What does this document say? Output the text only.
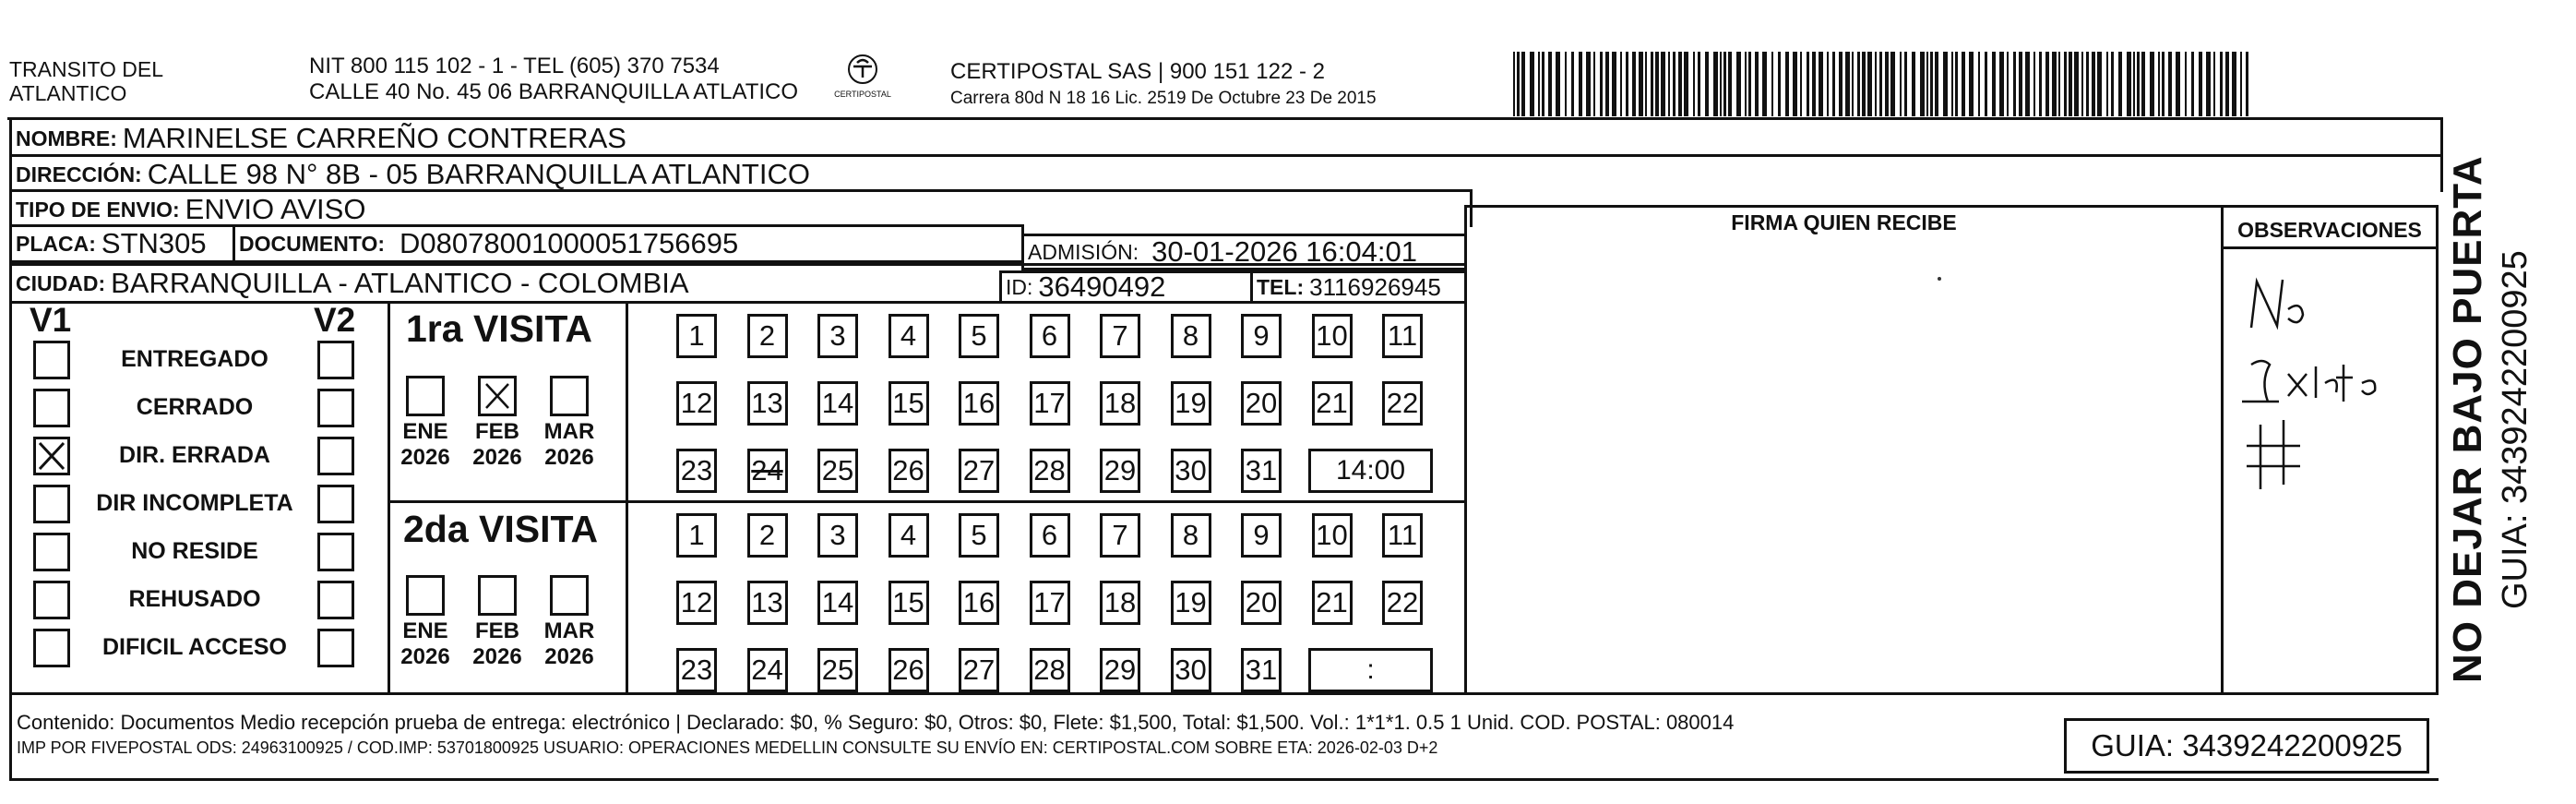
TRANSITO DEL
ATLANTICO
NIT 800 115 102 - 1 - TEL (605) 370 7534
CALLE 40 No. 45 06 BARRANQUILLA ATLATICO	CERTIPOSTAL
CERTIPOSTAL SAS | 900 151 122 - 2
Carrera 80d N 18 16 Lic. 2519 De Octubre 23 De 2015
NOMBRE: MARINELSE CARREÑO CONTRERAS
DIRECCIÓN: CALLE 98 N° 8B - 05 BARRANQUILLA ATLANTICO
TIPO DE ENVIO: ENVIO AVISO
PLACA: STN305 DOCUMENTO: D08078001000051756695	ADMISIÓN: 30-01-2026 16:04:01
CIUDAD: BARRANQUILLA - ATLANTICO - COLOMBIA	ID: 36490492	TEL: 3116926945
FIRMA QUIEN RECIBE	OBSERVACIONES
V1	V2
ENTREGADO
CERRADO
DIR. ERRADA
DIR INCOMPLETA
NO RESIDE
REHUSADO
DIFICIL ACCESO
1ra VISITA
ENE
2026
FEB
2026
MAR
2026
1	2	3	4	5	6	7	8	9	10 11
12 13 14 15 16 17 18 19 20 21 22
23 24 25 26 27 28 29 30 31	14:00
2da VISITA
ENE
2026
FEB
2026
MAR
2026
1	2	3	4	5	6	7	8	9	10 11
12 13 14 15 16 17 18 19 20 21 22
23 24 25 26 27 28 29 30 31	:
Contenido: Documentos Medio recepción prueba de entrega: electrónico | Declarado: $0, % Seguro: $0, Otros: $0, Flete: $1,500, Total: $1,500. Vol.: 1*1*1. 0.5 1 Unid. COD. POSTAL: 080014
IMP POR FIVEPOSTAL ODS: 24963100925 / COD.IMP: 53701800925 USUARIO: OPERACIONES MEDELLIN CONSULTE SU ENVÍO EN: CERTIPOSTAL.COM SOBRE ETA: 2026-02-03 D+2	GUIA: 3439242200925
NO DEJAR BAJO PUERTA GUIA: 3439242200925
